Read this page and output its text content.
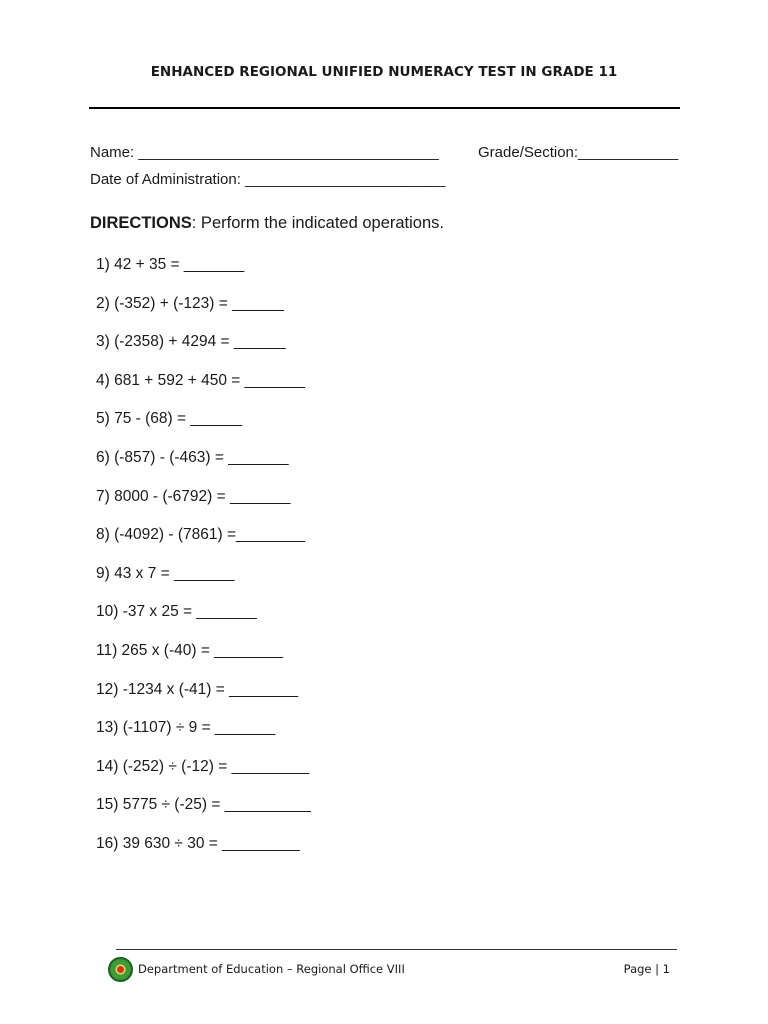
ENHANCED REGIONAL UNIFIED NUMERACY TEST IN GRADE 11
Name: ____________________________________	Grade/Section:____________
Date of Administration: ________________________
DIRECTIONS: Perform the indicated operations.
1) 42 + 35 = _______
2) (-352) + (-123) = ______
3) (-2358) + 4294 = ______
4) 681 + 592 + 450 = _______
5) 75 - (68) = ______
6) (-857) - (-463) = _______
7) 8000 - (-6792) = _______
8) (-4092) - (7861) =________
9) 43 x 7 = _______
10) -37 x 25 = _______
11) 265 x (-40) = ________
12) -1234 x (-41) = ________
13) (-1107) ÷ 9 = _______
14) (-252) ÷ (-12) = _________
15) 5775 ÷ (-25) = __________
16) 39 630 ÷ 30 = _________
Department of Education – Regional Office VIII	Page | 1
